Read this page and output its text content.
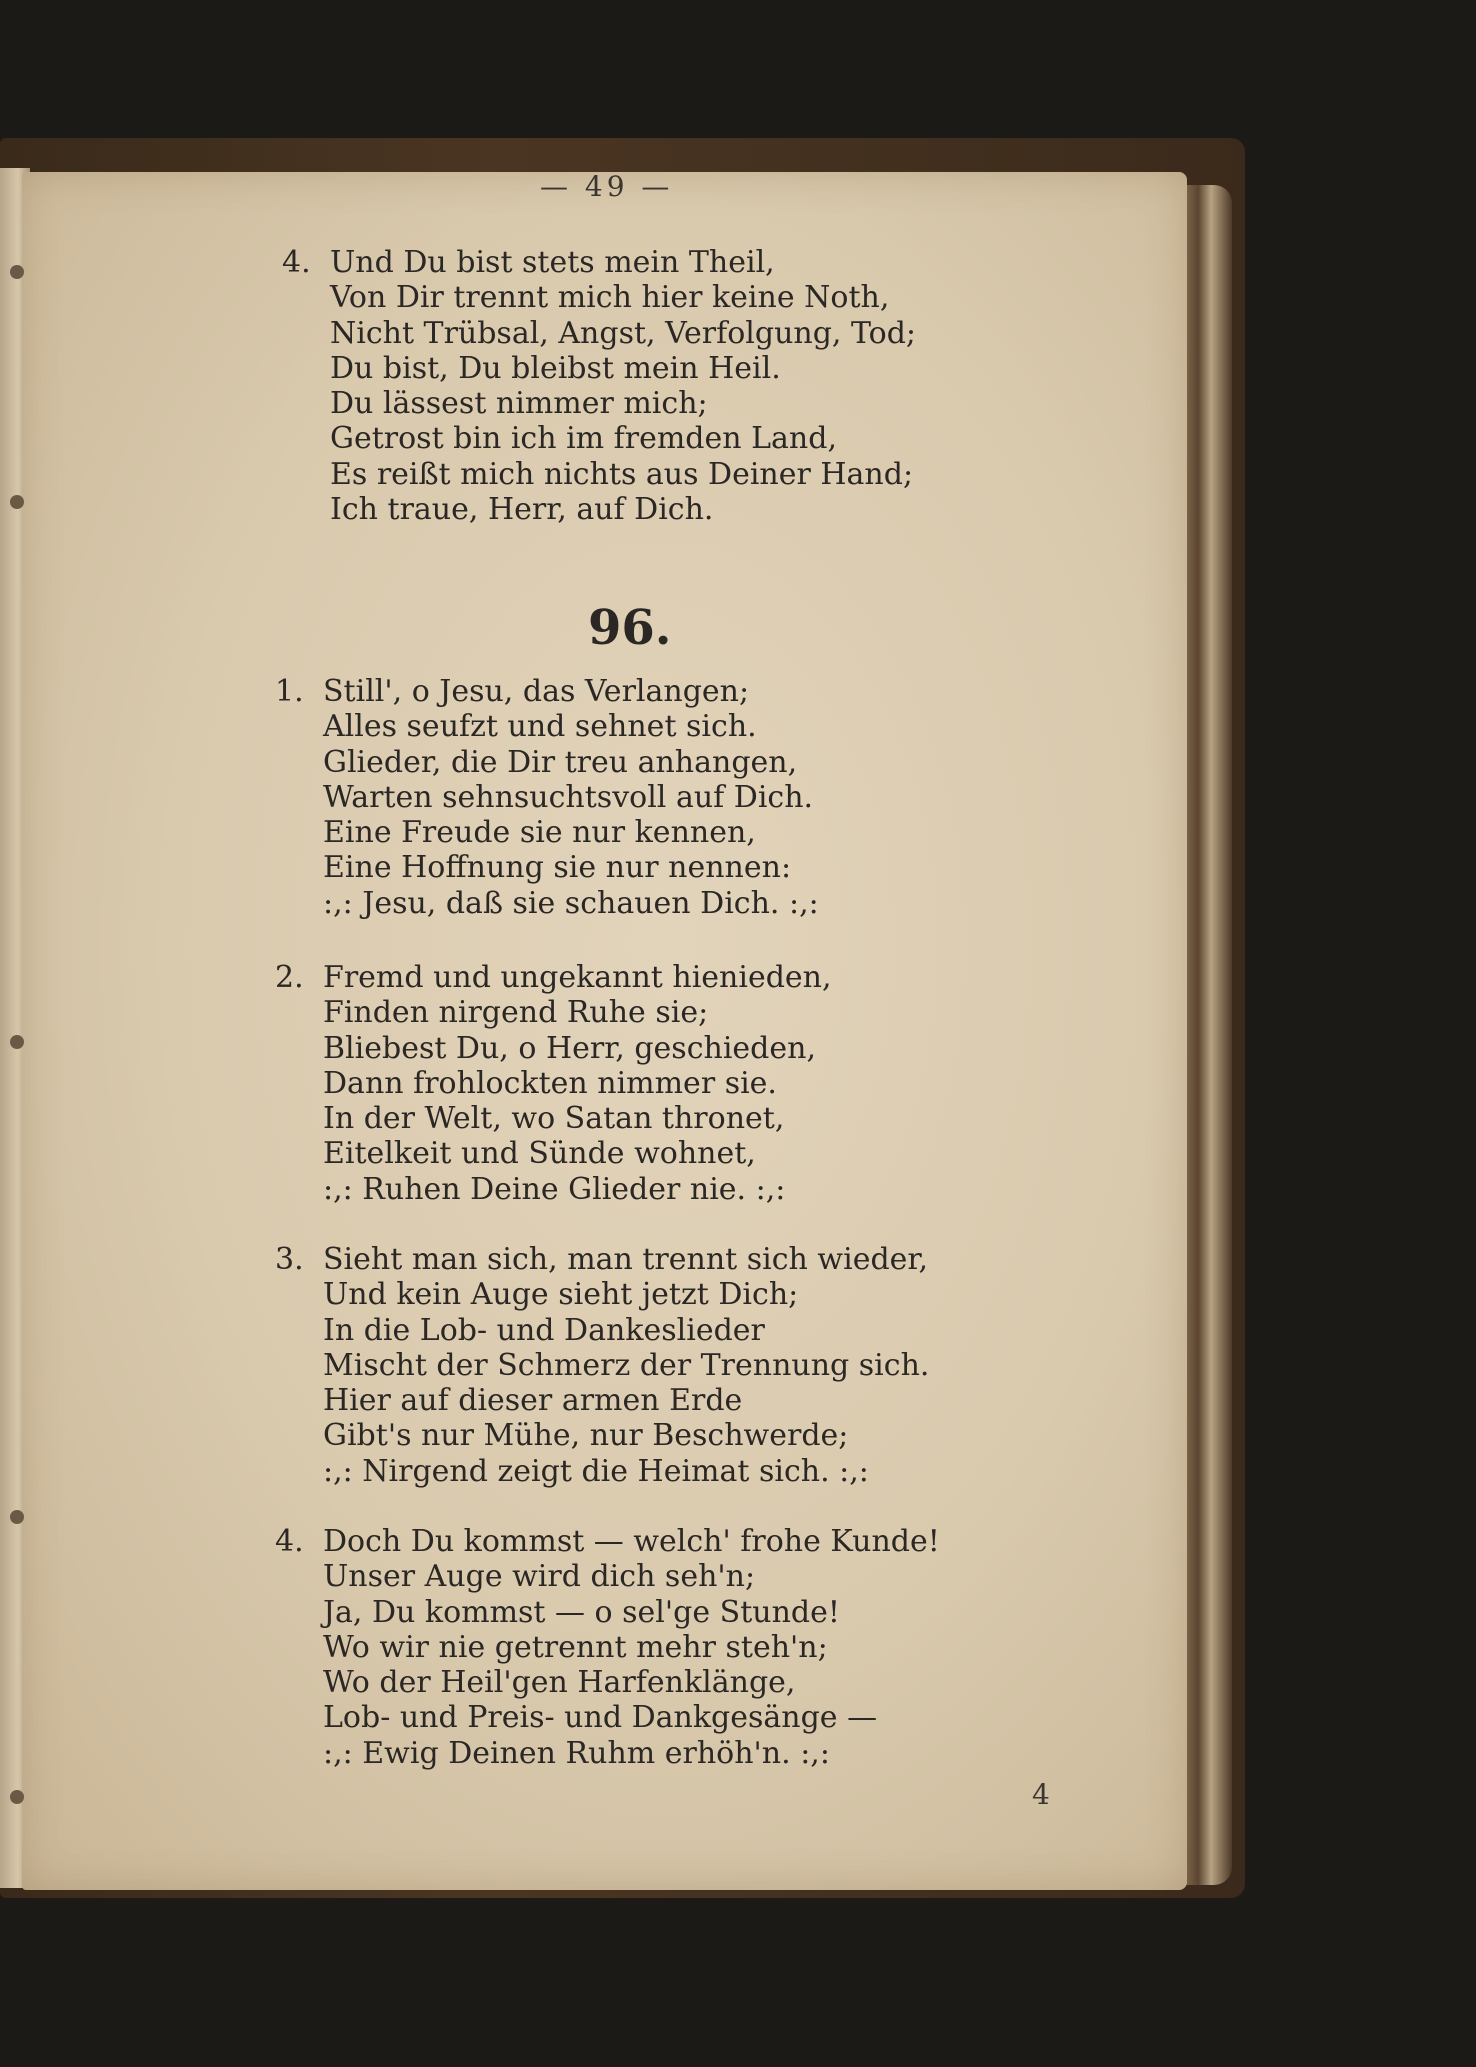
— 49 —
4. Und Du bist stets mein Theil,
Von Dir trennt mich hier keine Noth,
Nicht Trübsal, Angst, Verfolgung, Tod;
Du bist, Du bleibst mein Heil.
Du lässest nimmer mich;
Getrost bin ich im fremden Land,
Es reißt mich nichts aus Deiner Hand;
Ich traue, Herr, auf Dich.
96.
1. Still', o Jesu, das Verlangen;
Alles seufzt und sehnet sich.
Glieder, die Dir treu anhangen,
Warten sehnsuchtsvoll auf Dich.
Eine Freude sie nur kennen,
Eine Hoffnung sie nur nennen:
:,: Jesu, daß sie schauen Dich. :,:
2. Fremd und ungekannt hienieden,
Finden nirgend Ruhe sie;
Bliebest Du, o Herr, geschieden,
Dann frohlockten nimmer sie.
In der Welt, wo Satan thronet,
Eitelkeit und Sünde wohnet,
:,: Ruhen Deine Glieder nie. :,:
3. Sieht man sich, man trennt sich wieder,
Und kein Auge sieht jetzt Dich;
In die Lob- und Dankeslieder
Mischt der Schmerz der Trennung sich.
Hier auf dieser armen Erde
Gibt's nur Mühe, nur Beschwerde;
:,: Nirgend zeigt die Heimat sich. :,:
4. Doch Du kommst — welch' frohe Kunde!
Unser Auge wird dich seh'n;
Ja, Du kommst — o sel'ge Stunde!
Wo wir nie getrennt mehr steh'n;
Wo der Heil'gen Harfenklänge,
Lob- und Preis- und Dankgesänge —
:,: Ewig Deinen Ruhm erhöh'n. :,:
4
